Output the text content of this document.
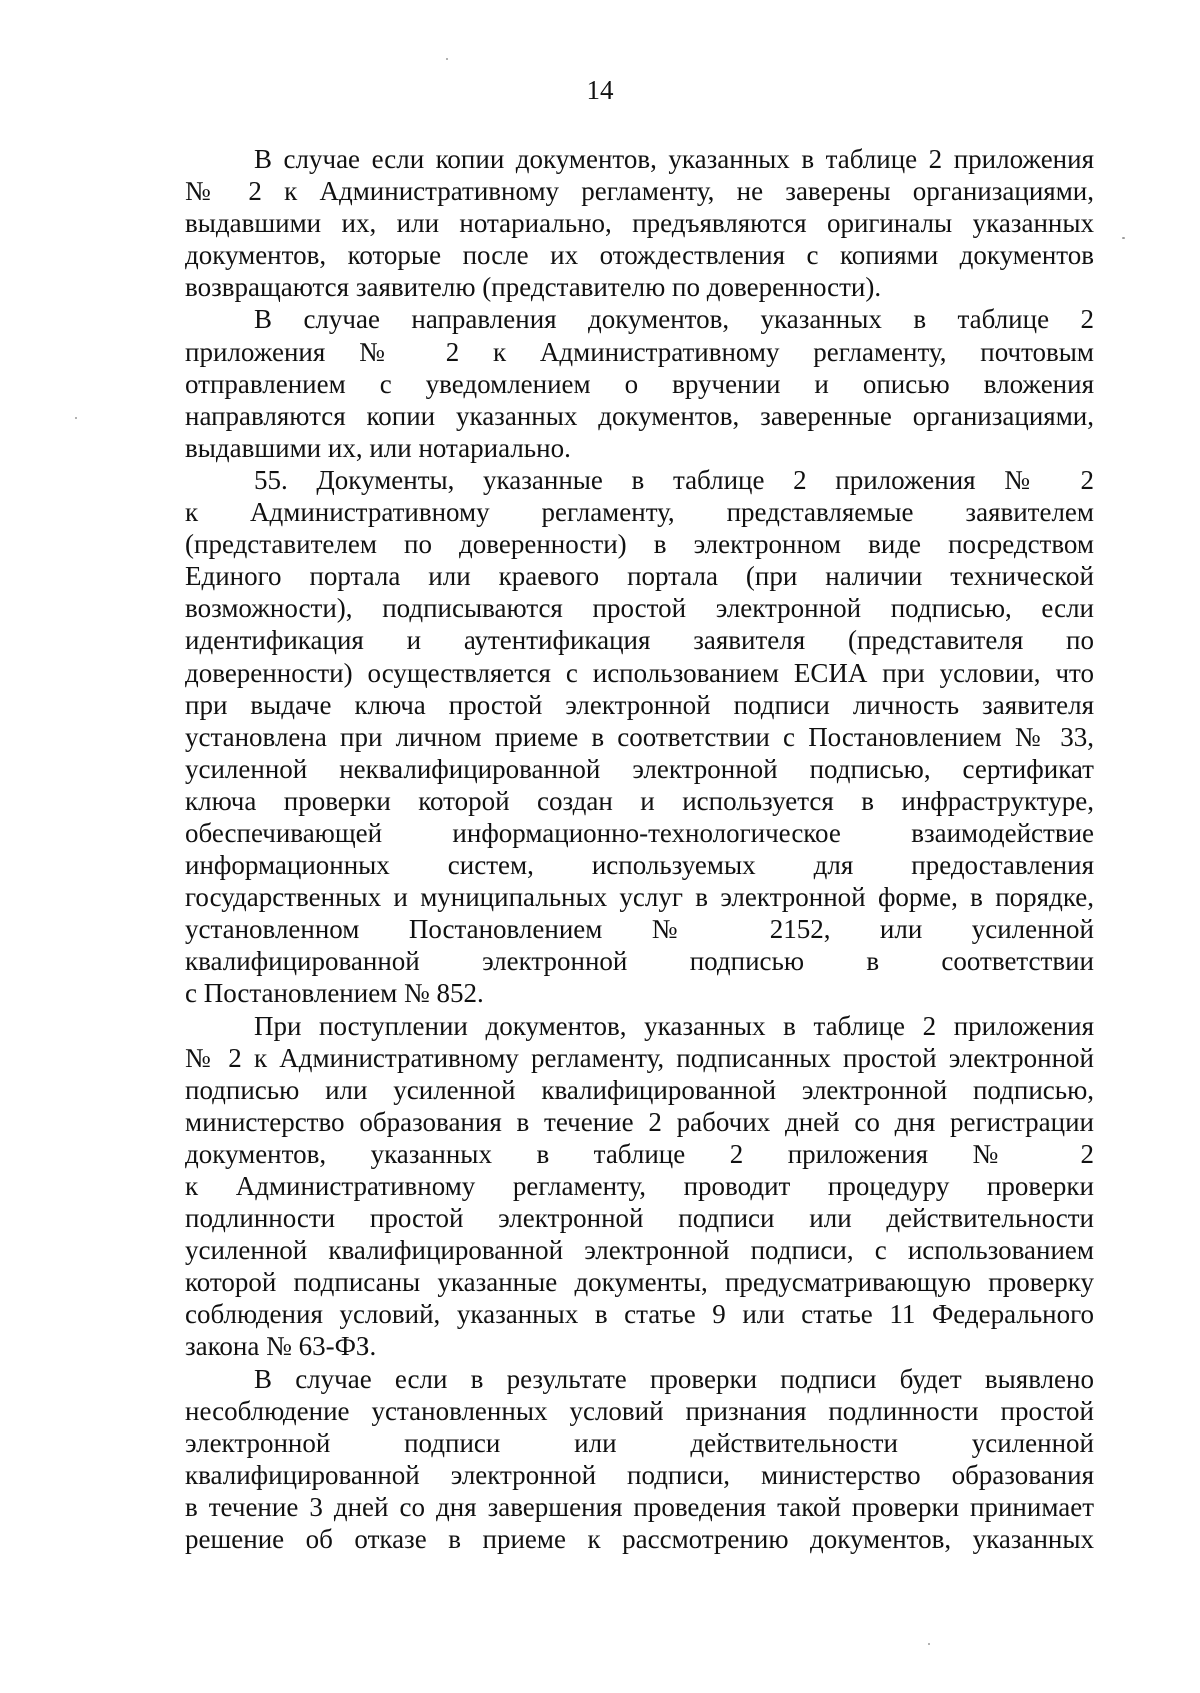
14
В случае если копии документов, указанных в таблице 2 приложения
№ 2 к Административному регламенту, не заверены организациями,
выдавшими их, или нотариально, предъявляются оригиналы указанных
документов, которые после их отождествления с копиями документов
возвращаются заявителю (представителю по доверенности).
В случае направления документов, указанных в таблице 2
приложения № 2 к Административному регламенту, почтовым
отправлением с уведомлением о вручении и описью вложения
направляются копии указанных документов, заверенные организациями,
выдавшими их, или нотариально.
55. Документы, указанные в таблице 2 приложения № 2
к Административному регламенту, представляемые заявителем
(представителем по доверенности) в электронном виде посредством
Единого портала или краевого портала (при наличии технической
возможности), подписываются простой электронной подписью, если
идентификация и аутентификация заявителя (представителя по
доверенности) осуществляется с использованием ЕСИА при условии, что
при выдаче ключа простой электронной подписи личность заявителя
установлена при личном приеме в соответствии с Постановлением № 33,
усиленной неквалифицированной электронной подписью, сертификат
ключа проверки которой создан и используется в инфраструктуре,
обеспечивающей информационно-технологическое взаимодействие
информационных систем, используемых для предоставления
государственных и муниципальных услуг в электронной форме, в порядке,
установленном Постановлением № 2152, или усиленной
квалифицированной электронной подписью в соответствии
с Постановлением № 852.
При поступлении документов, указанных в таблице 2 приложения
№ 2 к Административному регламенту, подписанных простой электронной
подписью или усиленной квалифицированной электронной подписью,
министерство образования в течение 2 рабочих дней со дня регистрации
документов, указанных в таблице 2 приложения № 2
к Административному регламенту, проводит процедуру проверки
подлинности простой электронной подписи или действительности
усиленной квалифицированной электронной подписи, с использованием
которой подписаны указанные документы, предусматривающую проверку
соблюдения условий, указанных в статье 9 или статье 11 Федерального
закона № 63-ФЗ.
В случае если в результате проверки подписи будет выявлено
несоблюдение установленных условий признания подлинности простой
электронной подписи или действительности усиленной
квалифицированной электронной подписи, министерство образования
в течение 3 дней со дня завершения проведения такой проверки принимает
решение об отказе в приеме к рассмотрению документов, указанных
